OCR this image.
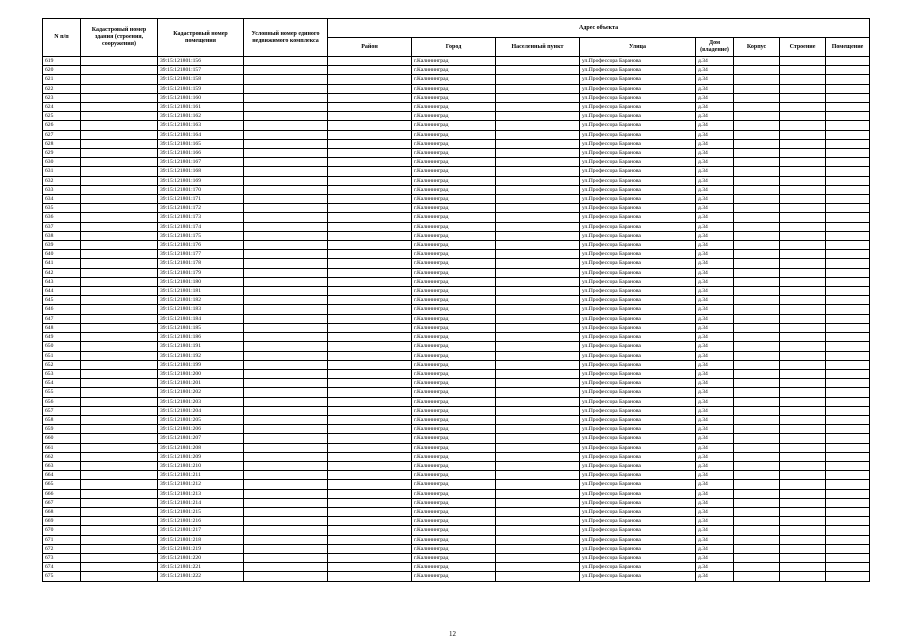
N п/п	Кадастровый номер здания (строения, сооружения)	Кадастровый номер помещения	Условный номер единого недвижимого комплекса	Адрес объекта							
				Район	Город	Населенный пункт	Улица	Дом (владение)	Корпус	Строение	Помещение
619		39:15:121801:156			г.Калининград		ул.Профессора Баранова	д.34			
620		39:15:121801:157			г.Калининград		ул.Профессора Баранова	д.34			
621		39:15:121801:158			г.Калининград		ул.Профессора Баранова	д.34			
622		39:15:121801:159			г.Калининград		ул.Профессора Баранова	д.34			
623		39:15:121801:160			г.Калининград		ул.Профессора Баранова	д.34			
624		39:15:121801:161			г.Калининград		ул.Профессора Баранова	д.34			
625		39:15:121801:162			г.Калининград		ул.Профессора Баранова	д.34			
626		39:15:121801:163			г.Калининград		ул.Профессора Баранова	д.34			
627		39:15:121801:164			г.Калининград		ул.Профессора Баранова	д.34			
628		39:15:121801:165			г.Калининград		ул.Профессора Баранова	д.34			
629		39:15:121801:166			г.Калининград		ул.Профессора Баранова	д.34			
630		39:15:121801:167			г.Калининград		ул.Профессора Баранова	д.34			
631		39:15:121801:168			г.Калининград		ул.Профессора Баранова	д.34			
632		39:15:121801:169			г.Калининград		ул.Профессора Баранова	д.34			
633		39:15:121801:170			г.Калининград		ул.Профессора Баранова	д.34			
634		39:15:121801:171			г.Калининград		ул.Профессора Баранова	д.34			
635		39:15:121801:172			г.Калининград		ул.Профессора Баранова	д.34			
636		39:15:121801:173			г.Калининград		ул.Профессора Баранова	д.34			
637		39:15:121801:174			г.Калининград		ул.Профессора Баранова	д.34			
638		39:15:121801:175			г.Калининград		ул.Профессора Баранова	д.34			
639		39:15:121801:176			г.Калининград		ул.Профессора Баранова	д.34			
640		39:15:121801:177			г.Калининград		ул.Профессора Баранова	д.34			
641		39:15:121801:178			г.Калининград		ул.Профессора Баранова	д.34			
642		39:15:121801:179			г.Калининград		ул.Профессора Баранова	д.34			
643		39:15:121801:180			г.Калининград		ул.Профессора Баранова	д.34			
644		39:15:121801:181			г.Калининград		ул.Профессора Баранова	д.34			
645		39:15:121801:182			г.Калининград		ул.Профессора Баранова	д.34			
646		39:15:121801:183			г.Калининград		ул.Профессора Баранова	д.34			
647		39:15:121801:184			г.Калининград		ул.Профессора Баранова	д.34			
648		39:15:121801:185			г.Калининград		ул.Профессора Баранова	д.34			
649		39:15:121801:186			г.Калининград		ул.Профессора Баранова	д.34			
650		39:15:121801:191			г.Калининград		ул.Профессора Баранова	д.34			
651		39:15:121801:192			г.Калининград		ул.Профессора Баранова	д.34			
652		39:15:121801:199			г.Калининград		ул.Профессора Баранова	д.34			
653		39:15:121801:200			г.Калининград		ул.Профессора Баранова	д.34			
654		39:15:121801:201			г.Калининград		ул.Профессора Баранова	д.34			
655		39:15:121801:202			г.Калининград		ул.Профессора Баранова	д.34			
656		39:15:121801:203			г.Калининград		ул.Профессора Баранова	д.34			
657		39:15:121801:204			г.Калининград		ул.Профессора Баранова	д.34			
658		39:15:121801:205			г.Калининград		ул.Профессора Баранова	д.34			
659		39:15:121801:206			г.Калининград		ул.Профессора Баранова	д.34			
660		39:15:121801:207			г.Калининград		ул.Профессора Баранова	д.34			
661		39:15:121801:208			г.Калининград		ул.Профессора Баранова	д.34			
662		39:15:121801:209			г.Калининград		ул.Профессора Баранова	д.34			
663		39:15:121801:210			г.Калининград		ул.Профессора Баранова	д.34			
664		39:15:121801:211			г.Калининград		ул.Профессора Баранова	д.34			
665		39:15:121801:212			г.Калининград		ул.Профессора Баранова	д.34			
666		39:15:121801:213			г.Калининград		ул.Профессора Баранова	д.34			
667		39:15:121801:214			г.Калининград		ул.Профессора Баранова	д.34			
668		39:15:121801:215			г.Калининград		ул.Профессора Баранова	д.34			
669		39:15:121801:216			г.Калининград		ул.Профессора Баранова	д.34			
670		39:15:121801:217			г.Калининград		ул.Профессора Баранова	д.34			
671		39:15:121801:218			г.Калининград		ул.Профессора Баранова	д.34			
672		39:15:121801:219			г.Калининград		ул.Профессора Баранова	д.34			
673		39:15:121801:220			г.Калининград		ул.Профессора Баранова	д.34			
674		39:15:121801:221			г.Калининград		ул.Профессора Баранова	д.34			
675		39:15:121801:222			г.Калининград		ул.Профессора Баранова	д.34			
12
